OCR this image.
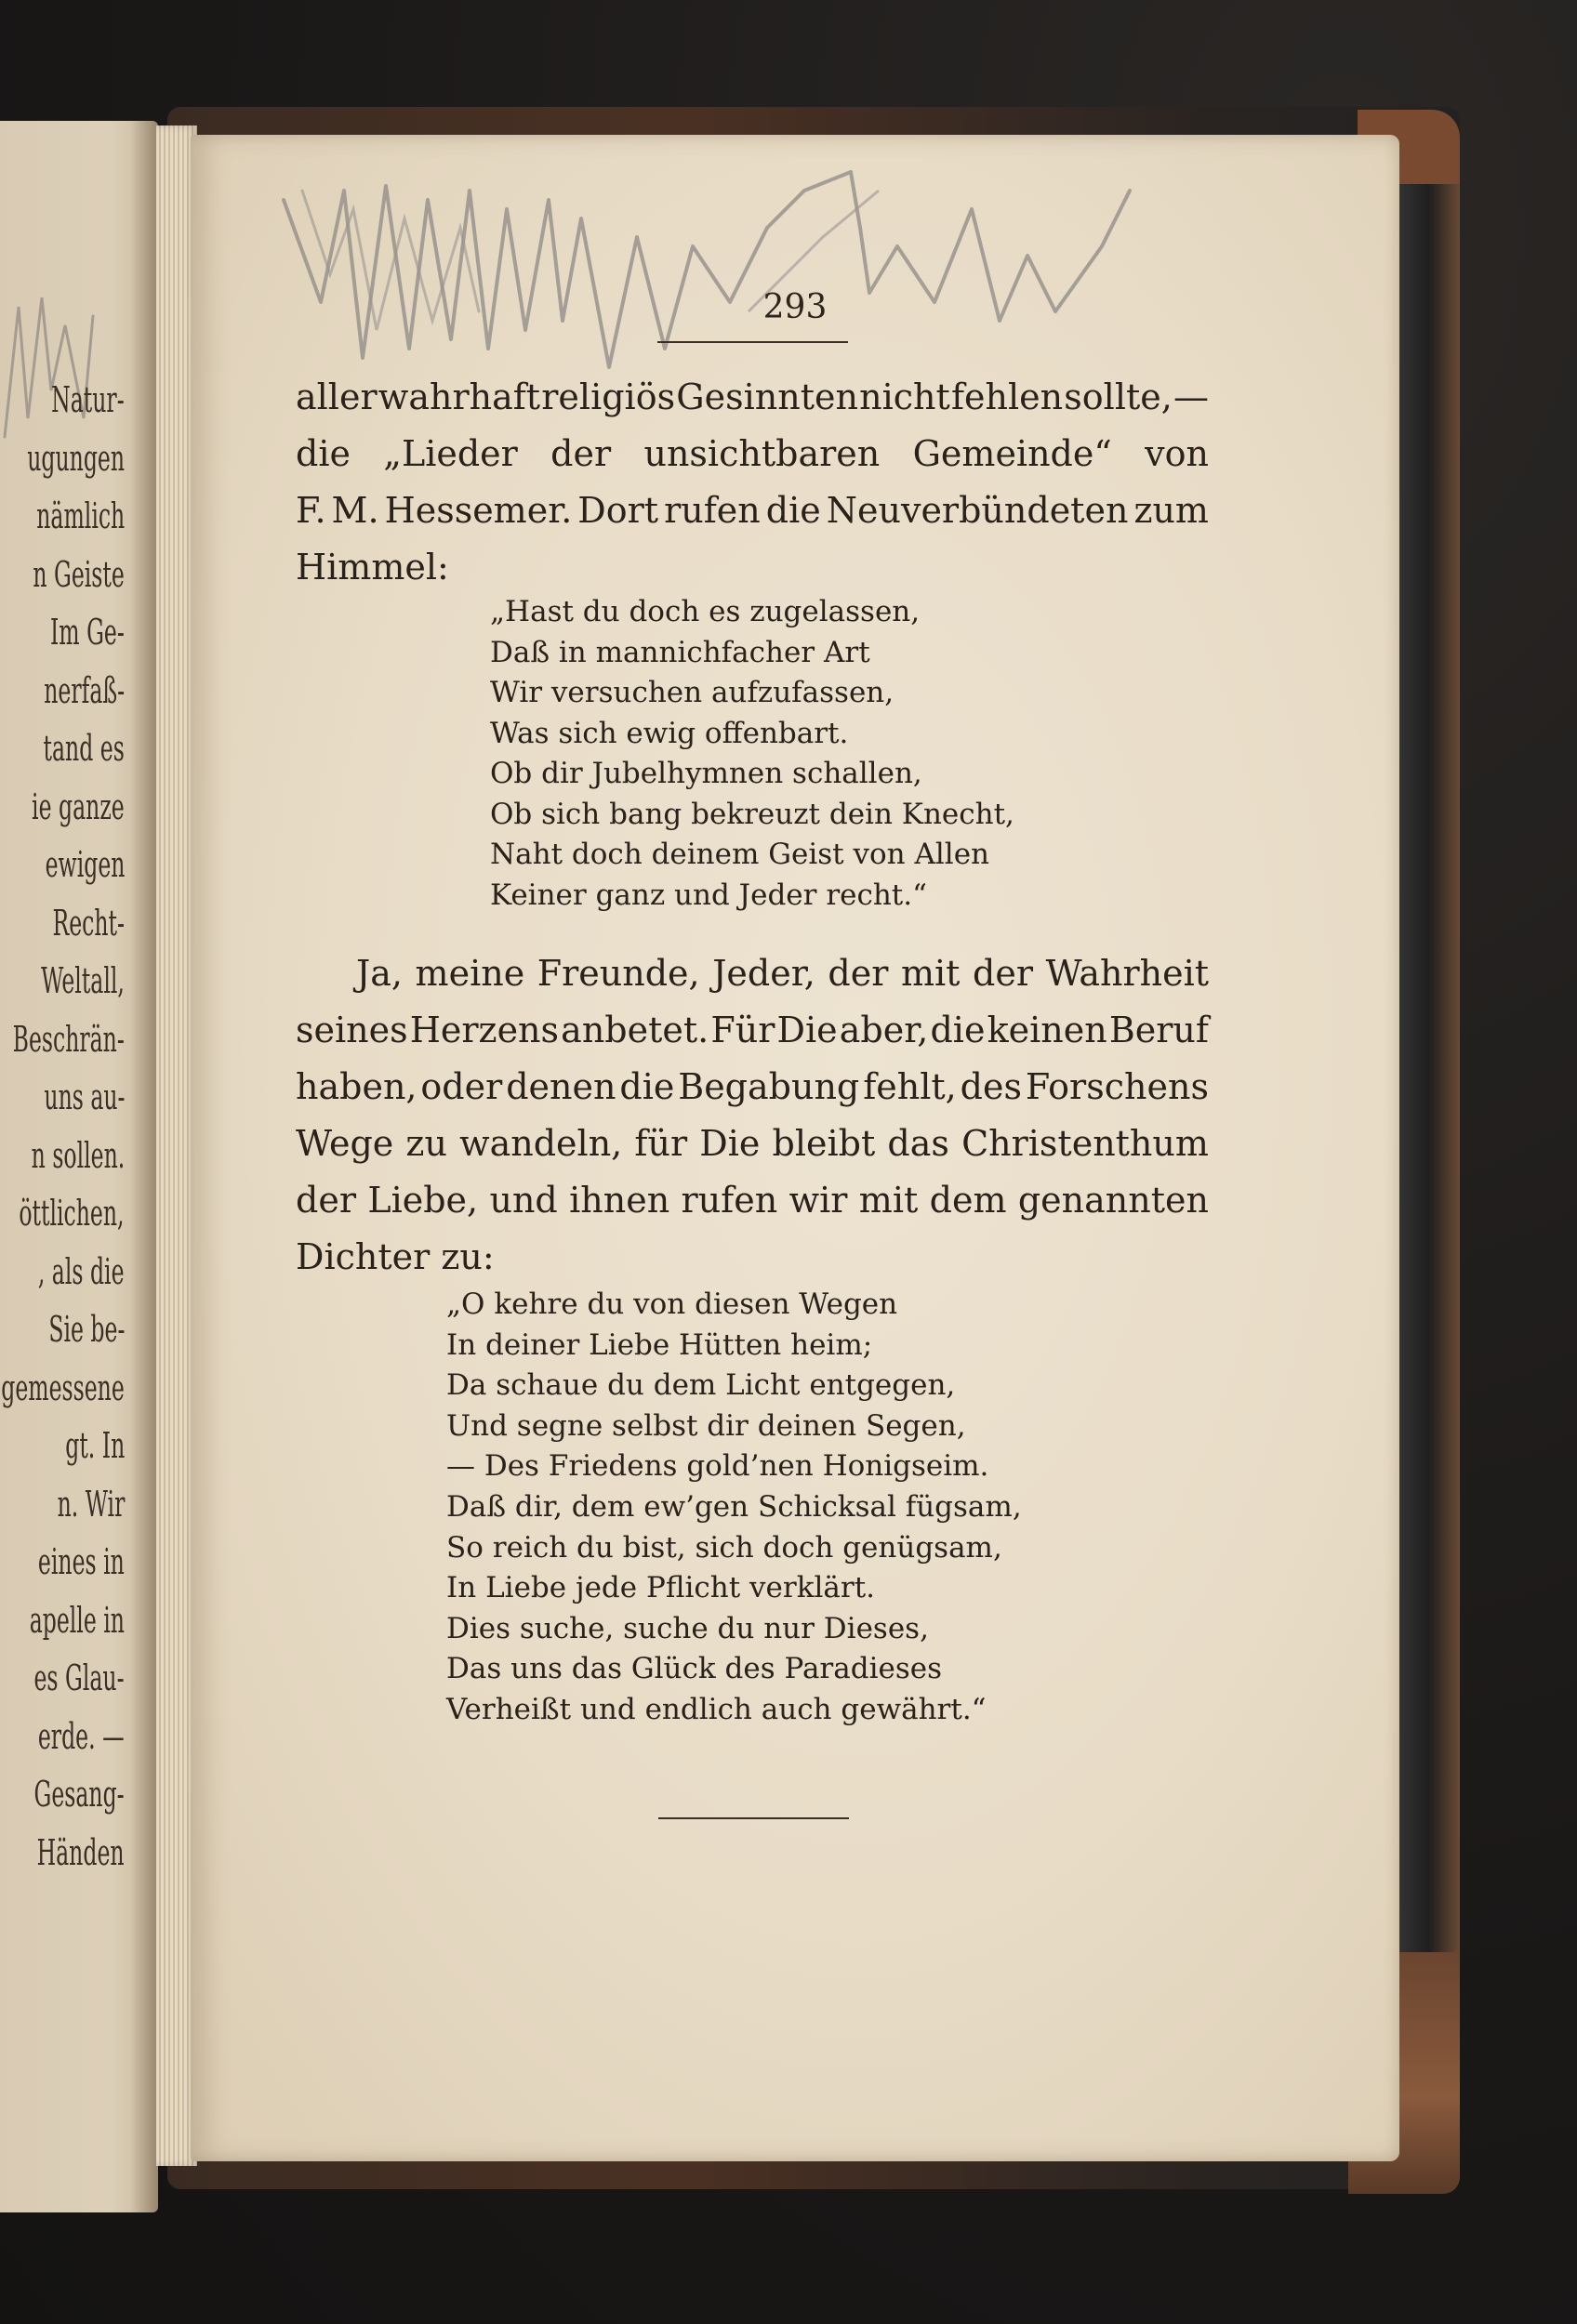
Natur-
ugungen
nämlich
n Geiste
Im Ge-
nerfaß-
tand es
ie ganze
ewigen
Recht-
Weltall,
Beschrän-
uns au-
n sollen.
öttlichen,
, als die
Sie be-
gemessene
gt. In
n. Wir
eines in
apelle in
es Glau-
erde. —
Gesang-
Händen
293
aller wahrhaft religiös Gesinnten nicht fehlen sollte, —
die „Lieder der unsichtbaren Gemeinde“ von
F. M. Hessemer. Dort rufen die Neuverbündeten zum
Himmel:
„Hast du doch es zugelassen,
Daß in mannichfacher Art
Wir versuchen aufzufassen,
Was sich ewig offenbart.
Ob dir Jubelhymnen schallen,
Ob sich bang bekreuzt dein Knecht,
Naht doch deinem Geist von Allen
Keiner ganz und Jeder recht.“
Ja, meine Freunde, Jeder, der mit der Wahrheit
seines Herzens anbetet. Für Die aber, die keinen Beruf
haben, oder denen die Begabung fehlt, des Forschens
Wege zu wandeln, für Die bleibt das Christenthum
der Liebe, und ihnen rufen wir mit dem genannten
Dichter zu:
„O kehre du von diesen Wegen
In deiner Liebe Hütten heim;
Da schaue du dem Licht entgegen,
Und segne selbst dir deinen Segen,
— Des Friedens gold’nen Honigseim.
Daß dir, dem ew’gen Schicksal fügsam,
So reich du bist, sich doch genügsam,
In Liebe jede Pflicht verklärt.
Dies suche, suche du nur Dieses,
Das uns das Glück des Paradieses
Verheißt und endlich auch gewährt.“
